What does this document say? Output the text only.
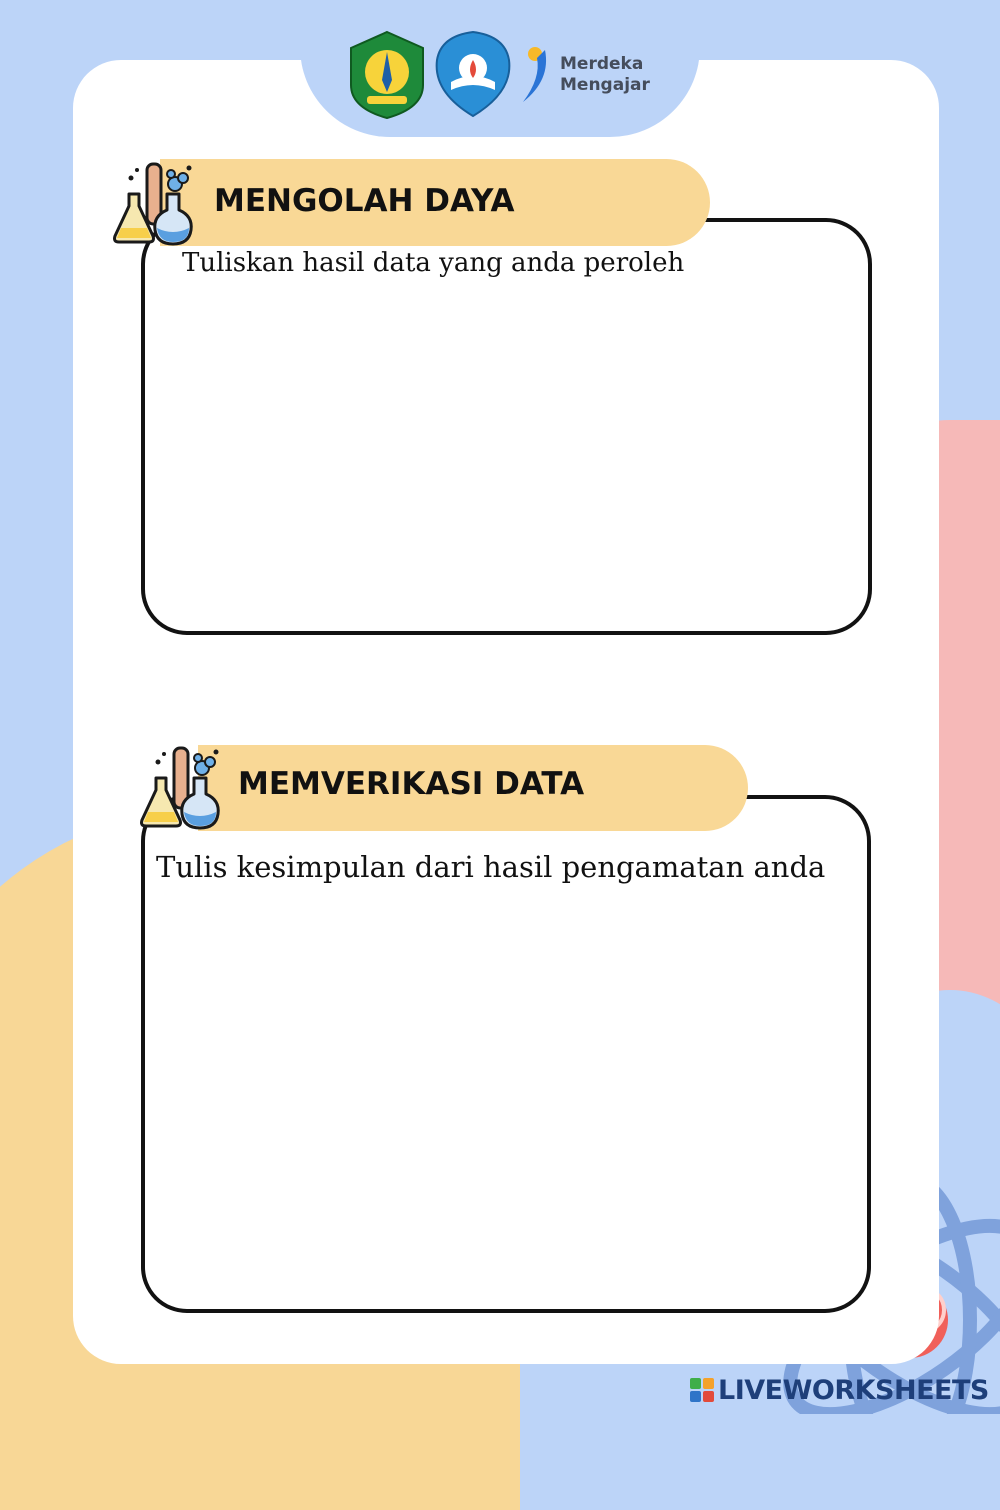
Merdeka
Mengajar
MENGOLAH DAYA
Tuliskan hasil data yang anda peroleh
MEMVERIKASI DATA
Tulis kesimpulan dari hasil pengamatan anda
LIVEWORKSHEETS
